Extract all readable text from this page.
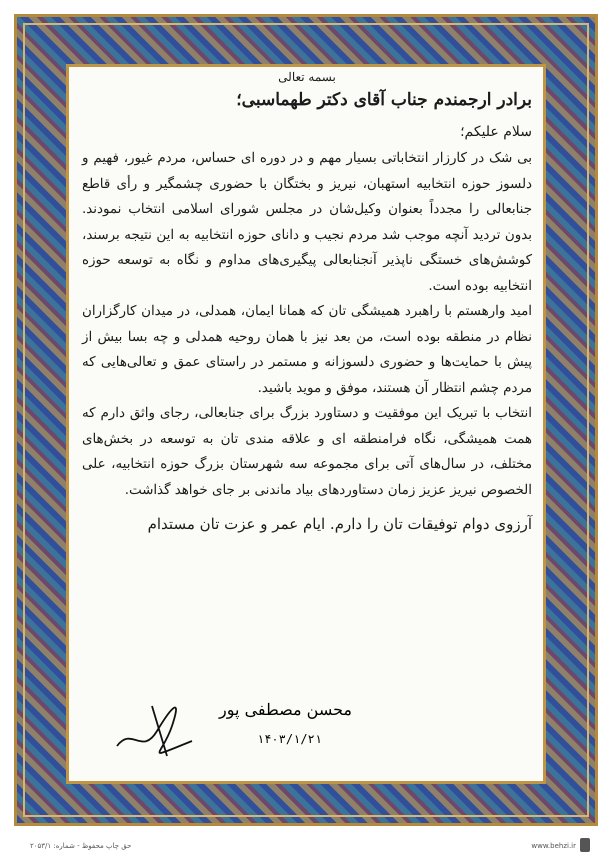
بسمه تعالی

برادر ارجمندم جناب آقای دکتر طهماسبی؛

سلام علیکم؛

بی شک در کارزار انتخاباتی بسیار مهم و در دوره ای حساس، مردم غیور، فهیم و دلسوز حوزه انتخابیه استهبان، نیریز و بختگان با حضوری چشمگیر و رأی قاطع جنابعالی را مجدداً بعنوان وکیل‌شان در مجلس شورای اسلامی انتخاب نمودند. بدون تردید آنچه موجب شد مردم نجیب و دانای حوزه انتخابیه به این نتیجه برسند، کوشش‌های خستگی ناپذیر آنجنابعالی پیگیری‌های مداوم و نگاه به توسعه حوزه انتخابیه بوده است.

امید وارهستم با راهبرد همیشگی تان که همانا ایمان، همدلی، در میدان کارگزاران نظام در منطقه بوده است، من بعد نیز با همان روحیه همدلی و چه بسا بیش از پیش با حمایت‌ها و حضوری دلسوزانه و مستمر در راستای عمق و تعالی‌هایی که مردم چشم انتظار آن هستند، موفق و موید باشید.

انتخاب با تبریک این موفقیت و دستاورد بزرگ برای جنابعالی، رجای واثق دارم که همت همیشگی، نگاه فرامنطقه ای و علاقه مندی تان به توسعه در بخش‌های مختلف، در سال‌های آتی برای مجموعه سه شهرستان بزرگ حوزه انتخابیه، علی الخصوص نیریز عزیز زمان دستاوردهای بیاد ماندنی بر جای خواهد گذاشت.

آرزوی دوام توفیقات تان را دارم. ایام عمر و عزت تان مستدام

محسن مصطفی پور
۱۴۰۳/۱/۲۱
حق چاپ محفوظ - شماره: ۲۰۵۳/۱	www.behzi.ir
